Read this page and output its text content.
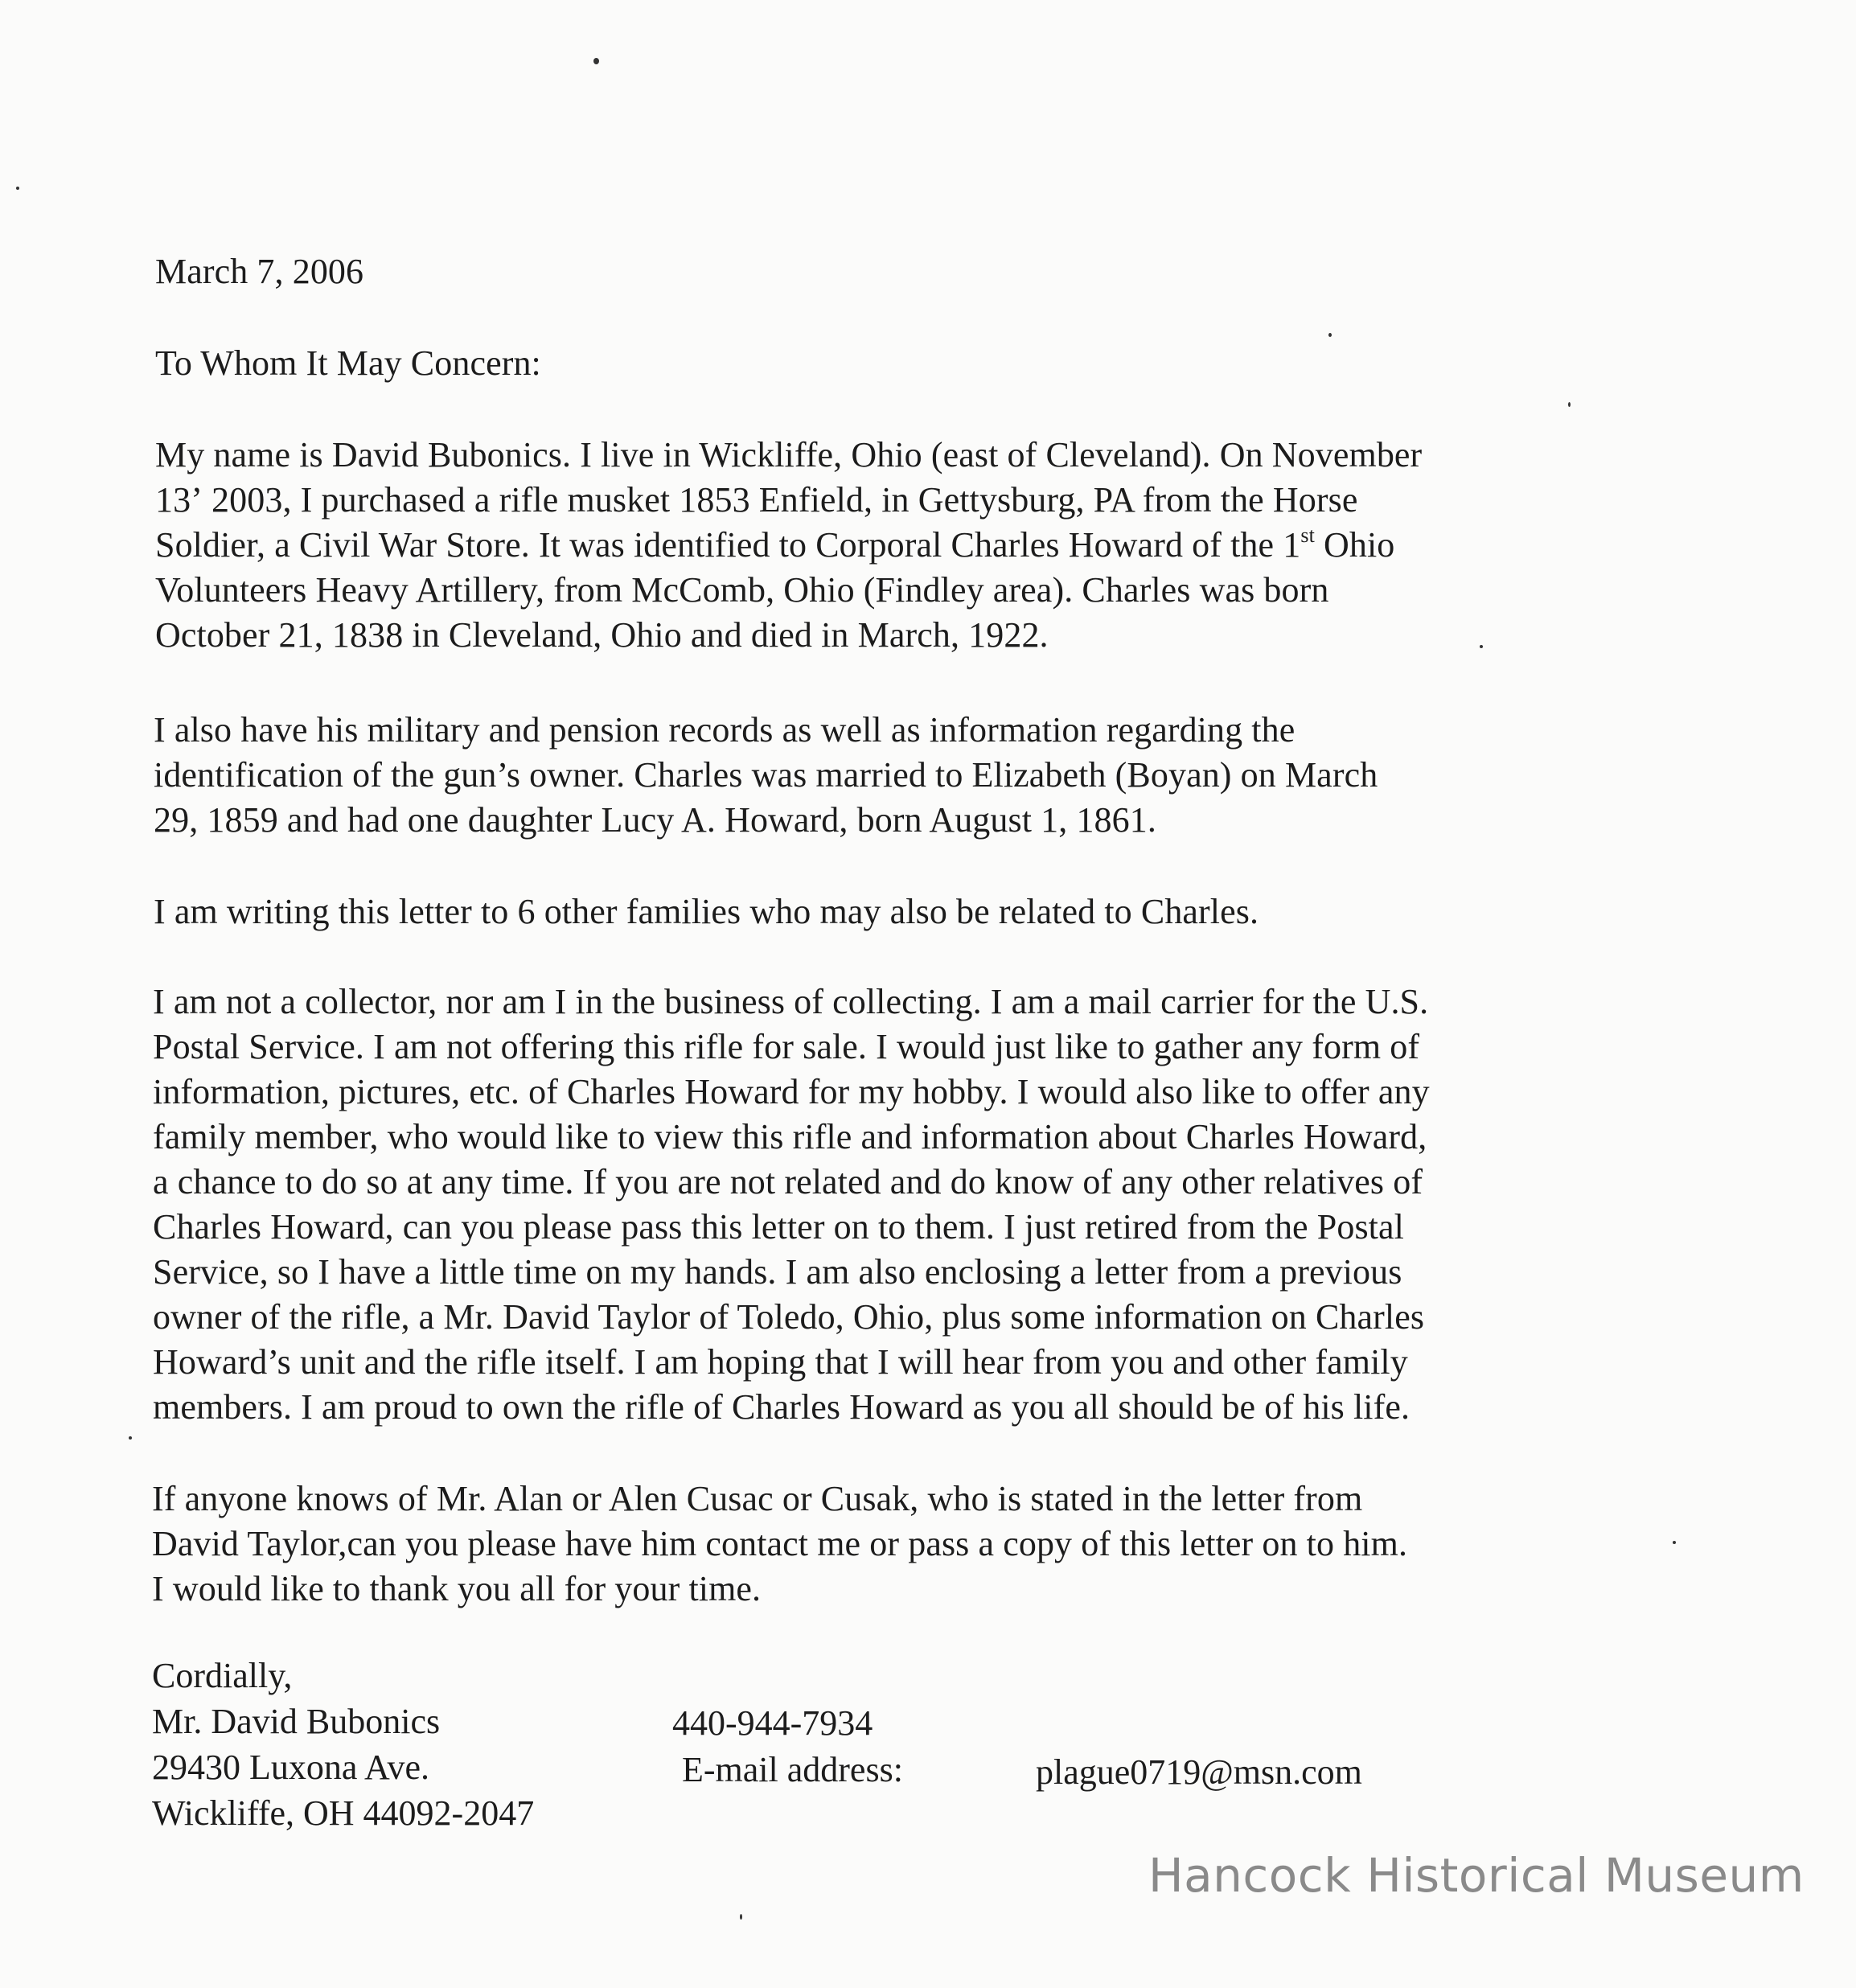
March 7, 2006
To Whom It May Concern:
My name is David Bubonics. I live in Wickliffe, Ohio (east of Cleveland). On November
13ʼ 2003, I purchased a rifle musket 1853 Enfield, in Gettysburg, PA from the Horse
Soldier, a Civil War Store. It was identified to Corporal Charles Howard of the 1st Ohio
Volunteers Heavy Artillery, from McComb, Ohio (Findley area). Charles was born
October 21, 1838 in Cleveland, Ohio and died in March, 1922.
I also have his military and pension records as well as information regarding the
identification of the gun’s owner. Charles was married to Elizabeth (Boyan) on March
29, 1859 and had one daughter Lucy A. Howard, born August 1, 1861.
I am writing this letter to 6 other families who may also be related to Charles.
I am not a collector, nor am I in the business of collecting. I am a mail carrier for the U.S.
Postal Service. I am not offering this rifle for sale. I would just like to gather any form of
information, pictures, etc. of Charles Howard for my hobby. I would also like to offer any
family member, who would like to view this rifle and information about Charles Howard,
a chance to do so at any time. If you are not related and do know of any other relatives of
Charles Howard, can you please pass this letter on to them. I just retired from the Postal
Service, so I have a little time on my hands. I am also enclosing a letter from a previous
owner of the rifle, a Mr. David Taylor of Toledo, Ohio, plus some information on Charles
Howard’s unit and the rifle itself. I am hoping that I will hear from you and other family
members. I am proud to own the rifle of Charles Howard as you all should be of his life.
If anyone knows of Mr. Alan or Alen Cusac or Cusak, who is stated in the letter from
David Taylor,can you please have him contact me or pass a copy of this letter on to him.
I would like to thank you all for your time.
Cordially,
Mr. David Bubonics
29430 Luxona Ave.
Wickliffe, OH 44092-2047
440-944-7934
E-mail address:	plague0719@msn.com
Hancock Historical Museum
